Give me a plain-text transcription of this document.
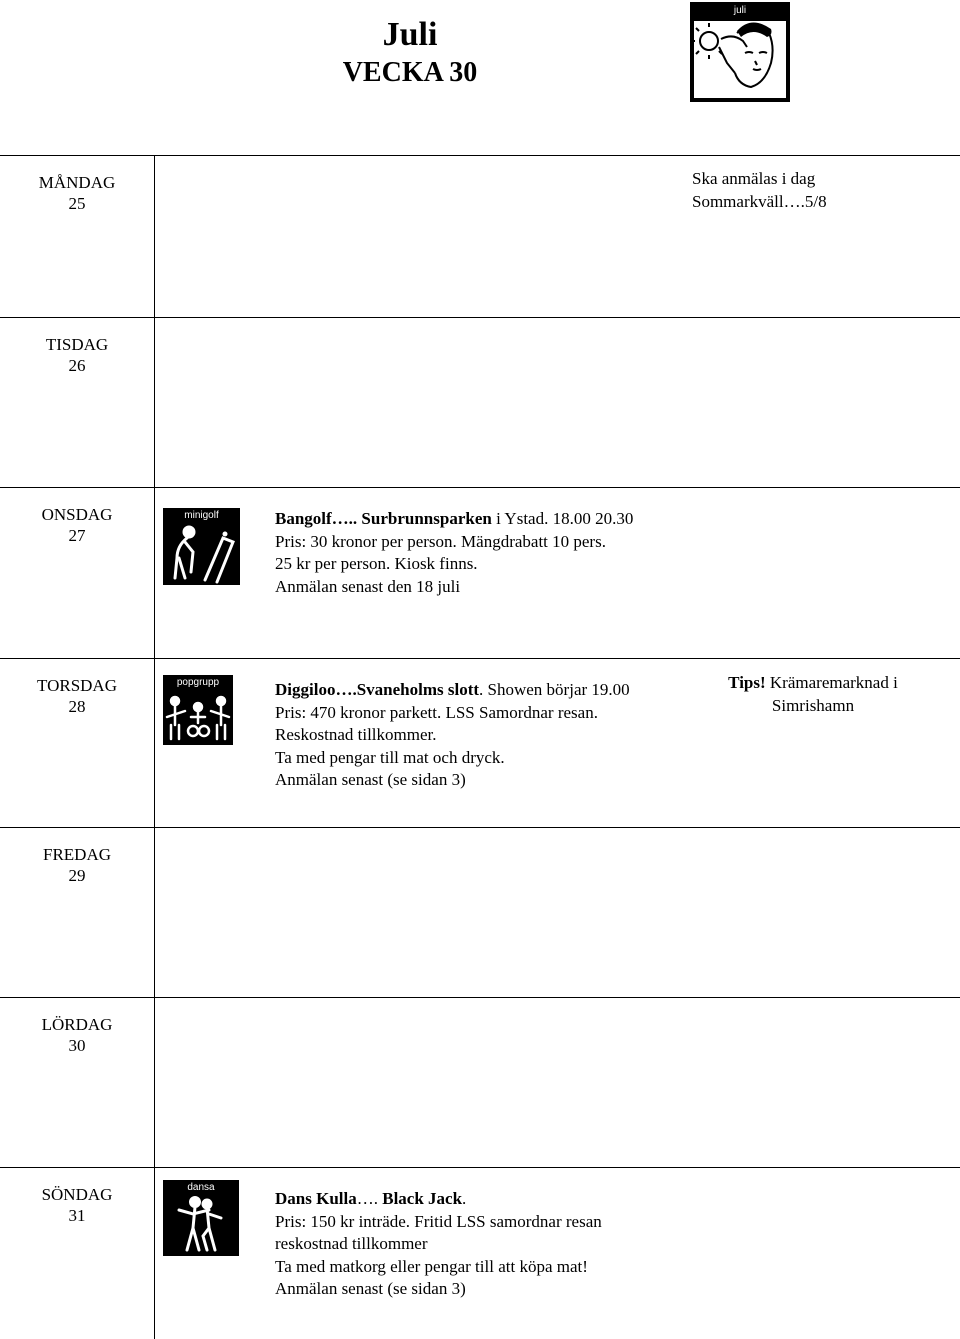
Juli
VECKA 30
juli
MÅNDAG
25
Ska anmälas i dag
Sommarkväll….5/8
TISDAG
26
ONSDAG
27
minigolf	Bangolf….. Surbrunnsparken i Ystad. 18.00 20.30
Pris: 30 kronor per person. Mängdrabatt 10 pers.
25 kr per person. Kiosk finns.
Anmälan senast den 18 juli
TORSDAG
28
popgrupp	Diggiloo….Svaneholms slott. Showen börjar 19.00
Pris: 470 kronor parkett. LSS Samordnar resan.
Reskostnad tillkommer.
Ta med pengar till mat och dryck.
Anmälan senast (se sidan 3)
Tips! Krämaremarknad i
Simrishamn
FREDAG
29
LÖRDAG
30
SÖNDAG
31
dansa
Dans Kulla…. Black Jack.
Pris: 150 kr inträde. Fritid LSS samordnar resan
reskostnad tillkommer
Ta med matkorg eller pengar till att köpa mat!
Anmälan senast (se sidan 3)
